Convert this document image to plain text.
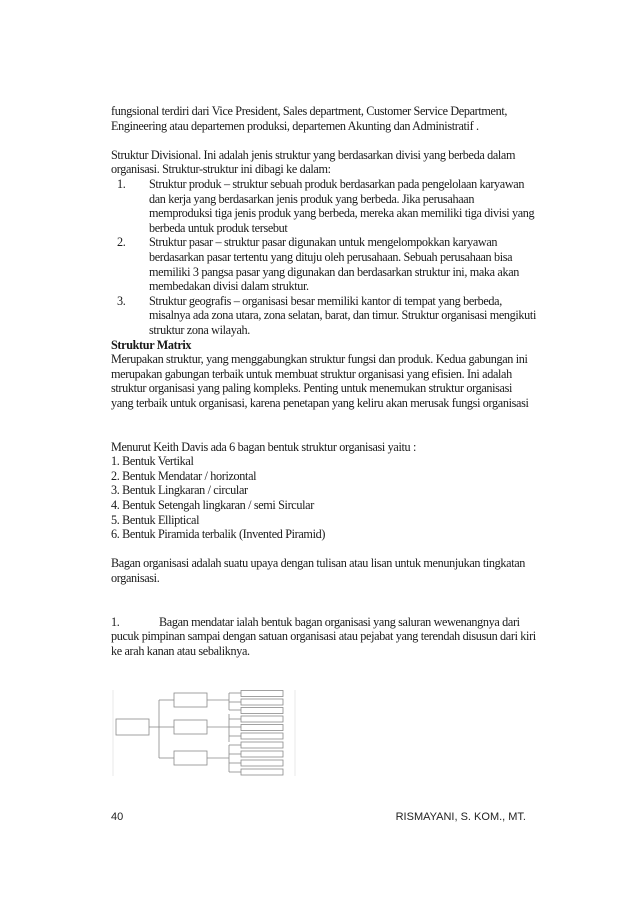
fungsional terdiri dari Vice President, Sales department, Customer Service Department, Engineering atau departemen produksi, departemen Akunting dan Administratif .

Struktur Divisional. Ini adalah jenis struktur yang berdasarkan divisi yang berbeda dalam organisasi. Struktur-struktur ini dibagi ke dalam:

1. Struktur produk – struktur sebuah produk berdasarkan pada pengelolaan karyawan dan kerja yang berdasarkan jenis produk yang berbeda. Jika perusahaan memproduksi tiga jenis produk yang berbeda, mereka akan memiliki tiga divisi yang berbeda untuk produk tersebut
2. Struktur pasar – struktur pasar digunakan untuk mengelompokkan karyawan berdasarkan pasar tertentu yang dituju oleh perusahaan. Sebuah perusahaan bisa memiliki 3 pangsa pasar yang digunakan dan berdasarkan struktur ini, maka akan membedakan divisi dalam struktur.
3. Struktur geografis – organisasi besar memiliki kantor di tempat yang berbeda, misalnya ada zona utara, zona selatan, barat, dan timur. Struktur organisasi mengikuti struktur zona wilayah.

Struktur Matrix

Merupakan struktur, yang menggabungkan struktur fungsi dan produk. Kedua gabungan ini merupakan gabungan terbaik untuk membuat struktur organisasi yang efisien. Ini adalah struktur organisasi yang paling kompleks. Penting untuk menemukan struktur organisasi yang terbaik untuk organisasi, karena penetapan yang keliru akan merusak fungsi organisasi

Menurut Keith Davis ada 6 bagan bentuk struktur organisasi yaitu :

1. Bentuk Vertikal

2. Bentuk Mendatar / horizontal

3. Bentuk Lingkaran / circular

4. Bentuk Setengah lingkaran / semi Sircular

5. Bentuk Elliptical

6. Bentuk Piramida terbalik (Invented Piramid)

Bagan organisasi adalah suatu upaya dengan tulisan atau lisan untuk menunjukan tingkatan organisasi.

1.	Bagan mendatar ialah bentuk bagan organisasi yang saluran wewenangnya dari pucuk pimpinan sampai dengan satuan organisasi atau pejabat yang terendah disusun dari kiri ke arah kanan atau sebaliknya.

40	RISMAYANI, S. KOM., MT.
